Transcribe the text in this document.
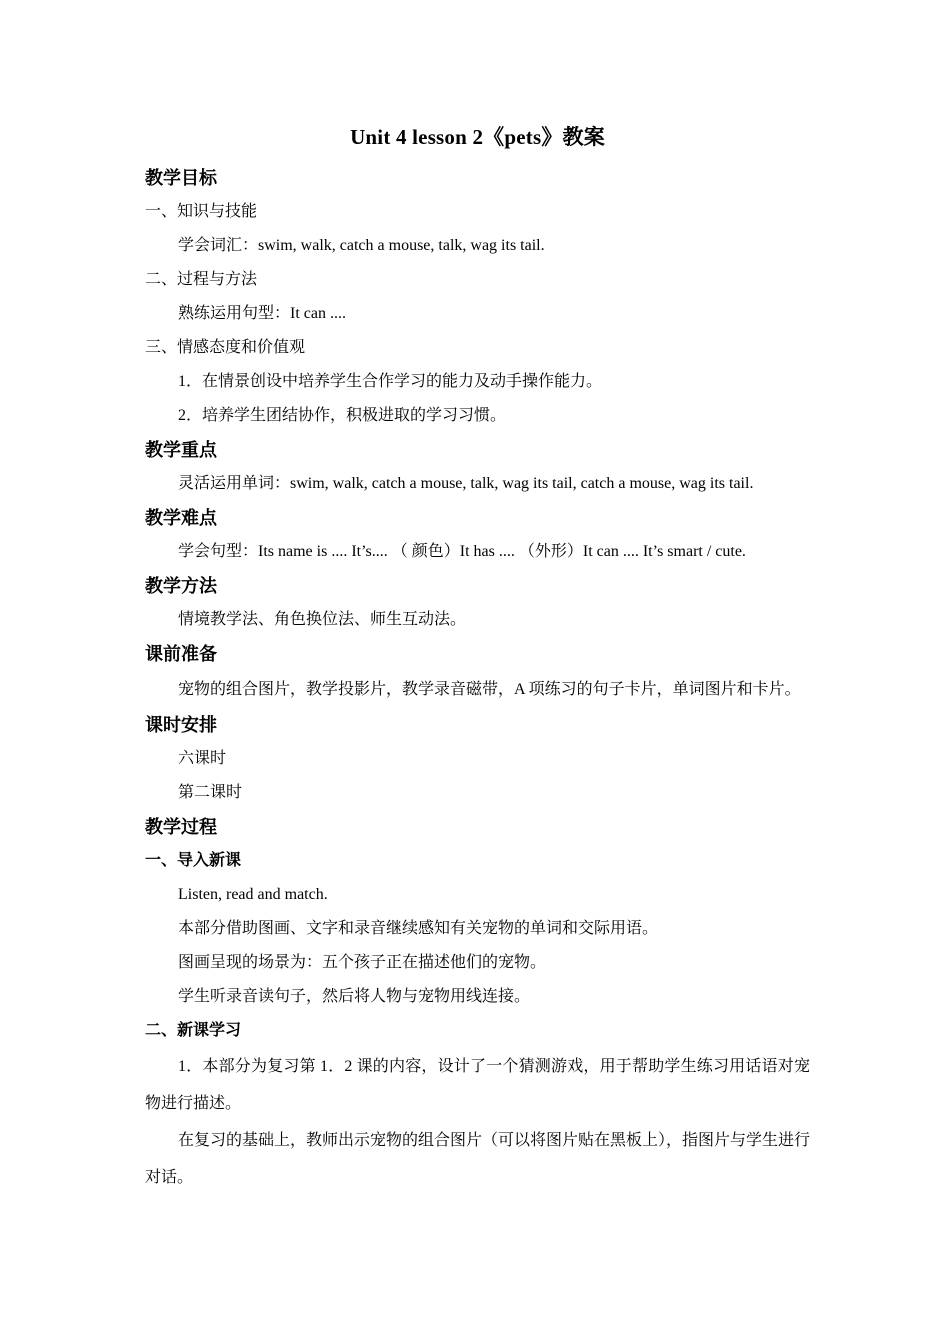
Unit 4 lesson 2《pets》教案
教学目标

一、知识与技能

学会词汇：swim, walk, catch a mouse, talk, wag its tail.

二、过程与方法

熟练运用句型：It can ....

三、情感态度和价值观

1．在情景创设中培养学生合作学习的能力及动手操作能力。

2．培养学生团结协作，积极进取的学习习惯。

教学重点

灵活运用单词：swim, walk, catch a mouse, talk, wag its tail, catch a mouse, wag its tail.

教学难点

学会句型：Its name is .... It’s.... （ 颜色）It has .... （外形）It can .... It’s smart / cute.

教学方法

情境教学法、角色换位法、师生互动法。

课前准备

宠物的组合图片，教学投影片，教学录音磁带，A 项练习的句子卡片，单词图片和卡片。

课时安排

六课时

第二课时

教学过程
一、导入新课

Listen, read and match.

本部分借助图画、文字和录音继续感知有关宠物的单词和交际用语。

图画呈现的场景为：五个孩子正在描述他们的宠物。

学生听录音读句子，然后将人物与宠物用线连接。

二、新课学习

1．本部分为复习第 1．2 课的内容，设计了一个猜测游戏，用于帮助学生练习用话语对宠物进行描述。

在复习的基础上，教师出示宠物的组合图片（可以将图片贴在黑板上），指图片与学生进行对话。
